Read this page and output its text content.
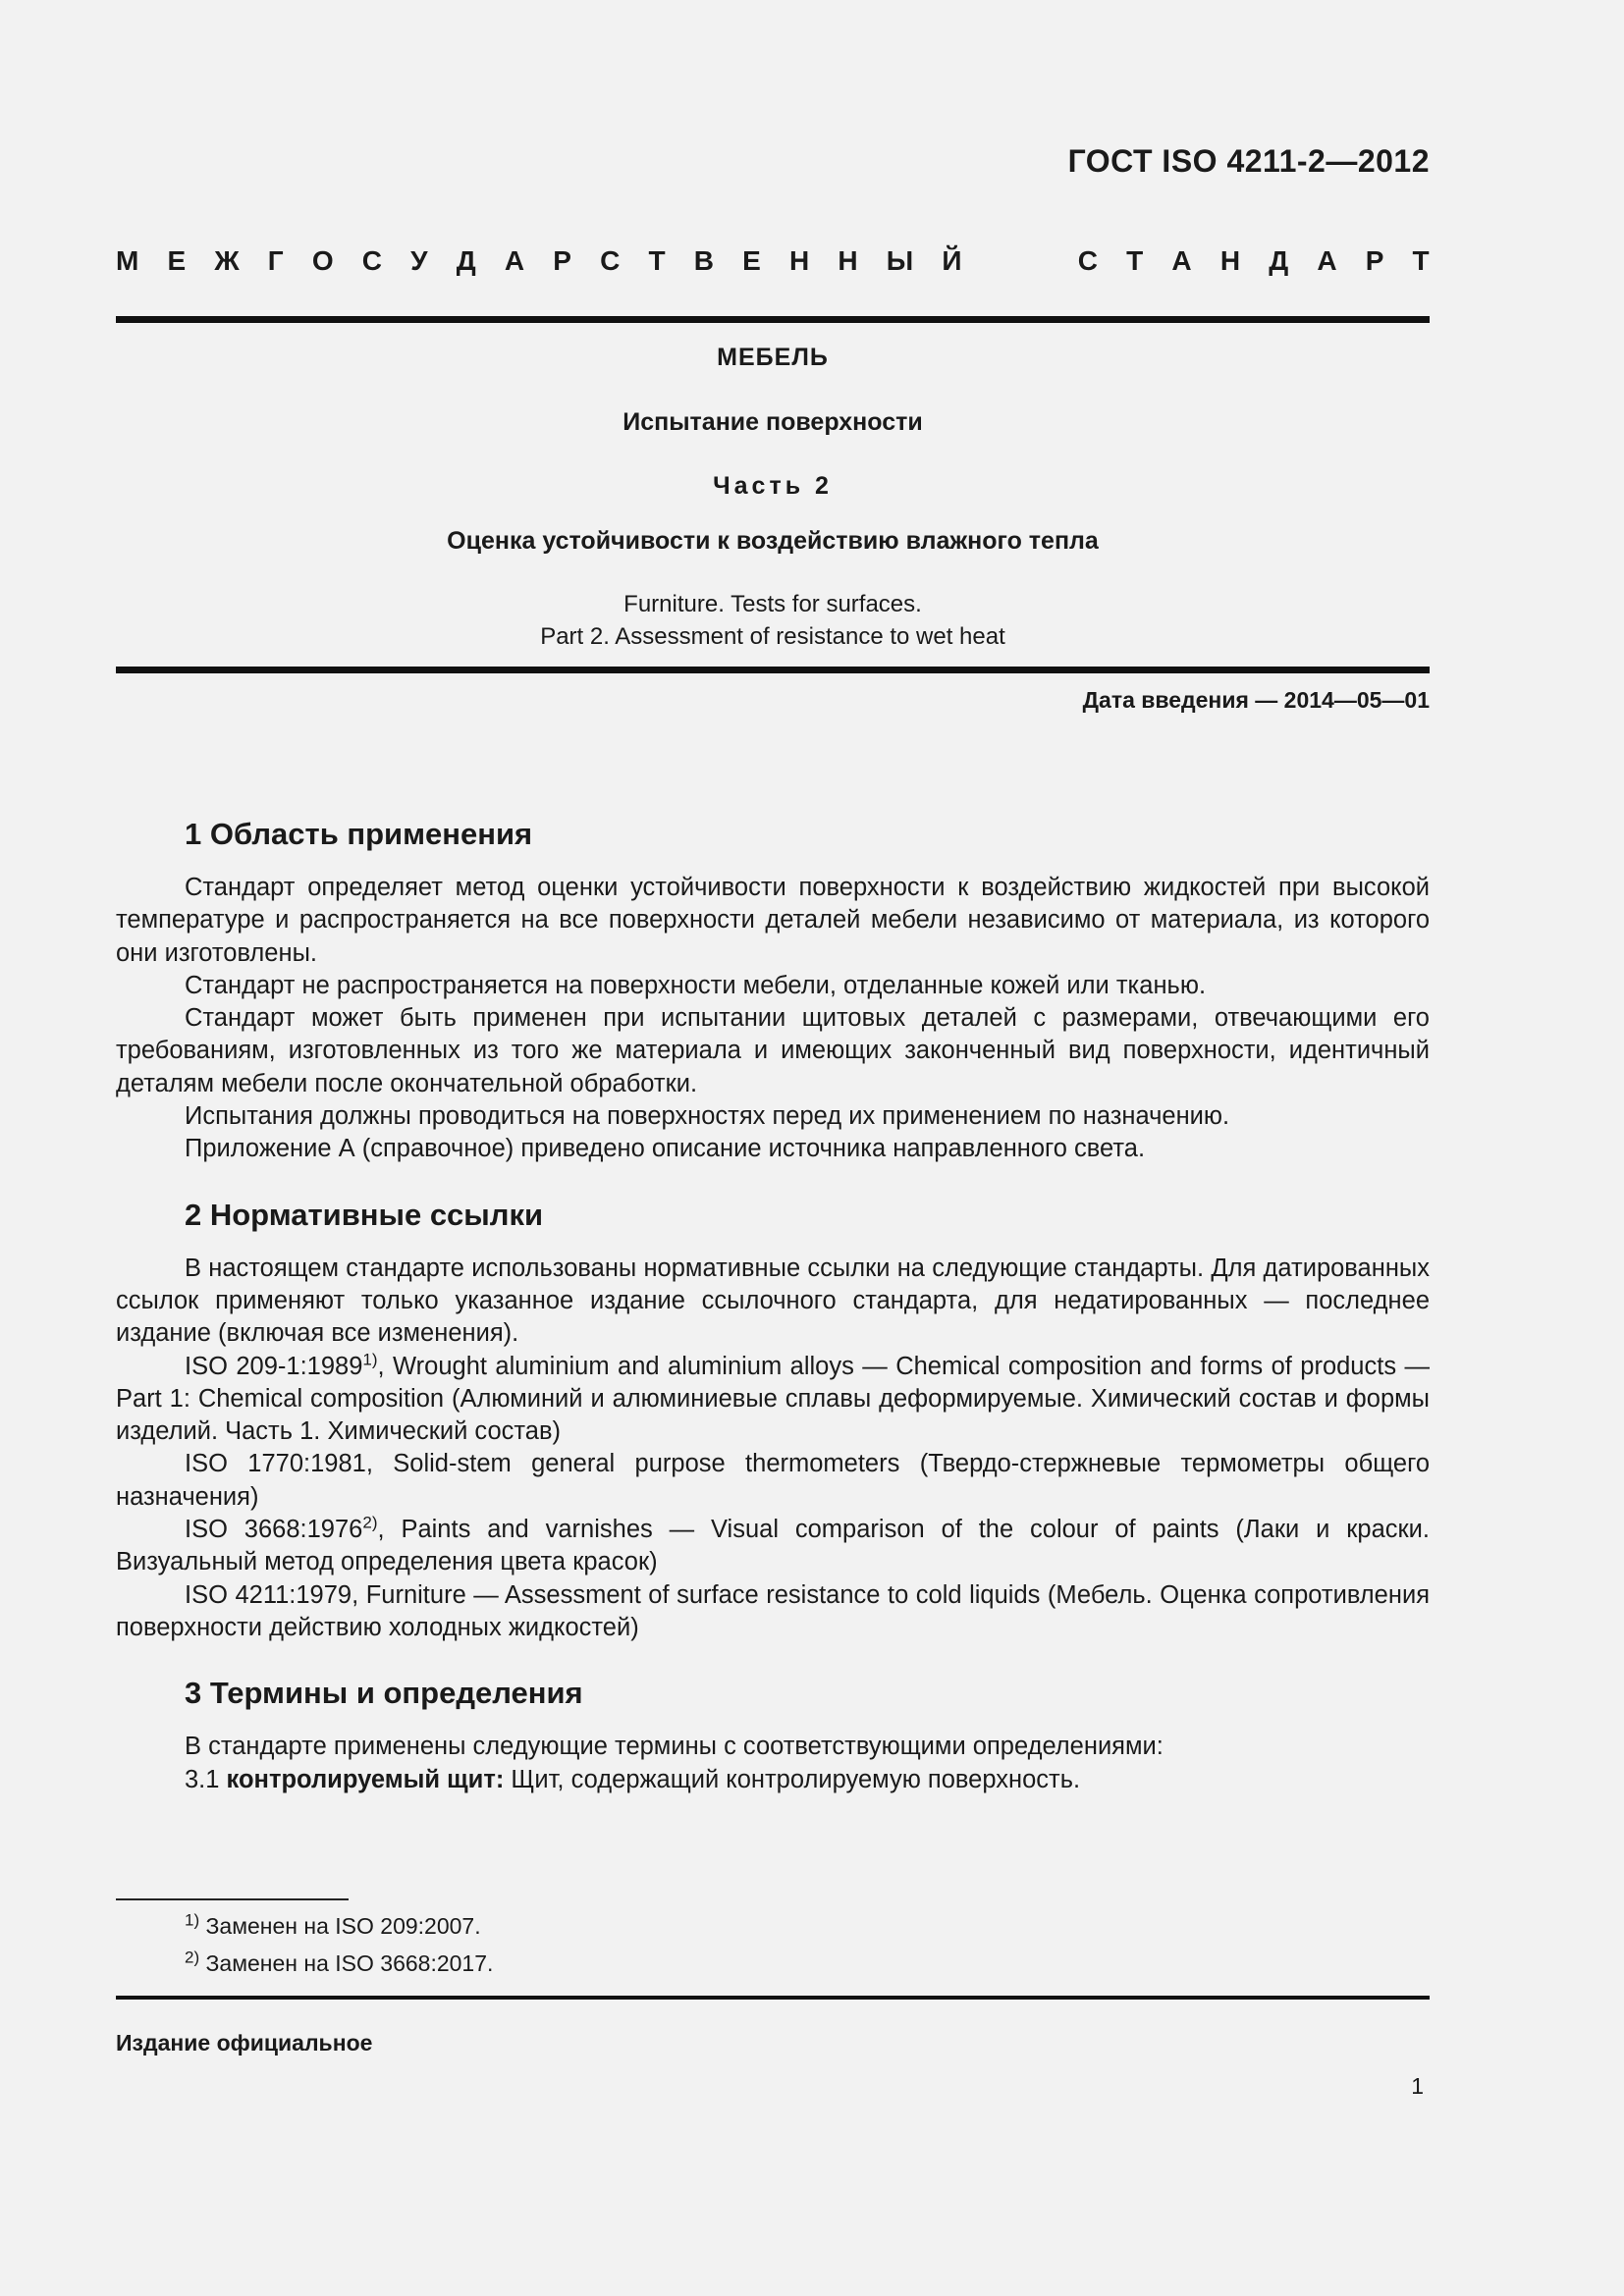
ГОСТ ISO 4211-2—2012
М Е Ж Г О С У Д А Р С Т В Е Н Н Ы Й	С Т А Н Д А Р Т
МЕБЕЛЬ
Испытание поверхности
Часть 2
Оценка устойчивости к воздействию влажного тепла
Furniture. Tests for surfaces.
Part 2. Assessment of resistance to wet heat
Дата введения — 2014—05—01
1 Область применения

Стандарт определяет метод оценки устойчивости поверхности к воздействию жидкостей при высокой температуре и распространяется на все поверхности деталей мебели независимо от материала, из которого они изготовлены.

Стандарт не распространяется на поверхности мебели, отделанные кожей или тканью.

Стандарт может быть применен при испытании щитовых деталей с размерами, отвечающими его требованиям, изготовленных из того же материала и имеющих законченный вид поверхности, идентичный деталям мебели после окончательной обработки.

Испытания должны проводиться на поверхностях перед их применением по назначению.

Приложение А (справочное) приведено описание источника направленного света.

2 Нормативные ссылки

В настоящем стандарте использованы нормативные ссылки на следующие стандарты. Для датированных ссылок применяют только указанное издание ссылочного стандарта, для недатированных — последнее издание (включая все изменения).

ISO 209-1:1989$^{1)}$, Wrought aluminium and aluminium alloys — Chemical composition and forms of products — Part 1: Chemical composition (Алюминий и алюминиевые сплавы деформируемые. Химический состав и формы изделий. Часть 1. Химический состав)

ISO 1770:1981, Solid-stem general purpose thermometers (Твердо-стержневые термометры общего назначения)

ISO 3668:1976$^{2)}$, Paints and varnishes — Visual comparison of the colour of paints (Лаки и краски. Визуальный метод определения цвета красок)

ISO 4211:1979, Furniture — Assessment of surface resistance to cold liquids (Мебель. Оценка сопротивления поверхности действию холодных жидкостей)

3 Термины и определения

В стандарте применены следующие термины с соответствующими определениями:

3.1 контролируемый щит: Щит, содержащий контролируемую поверхность.

$^{1)}$ Заменен на ISO 209:2007.
$^{2)}$ Заменен на ISO 3668:2017.
Издание официальное
1
